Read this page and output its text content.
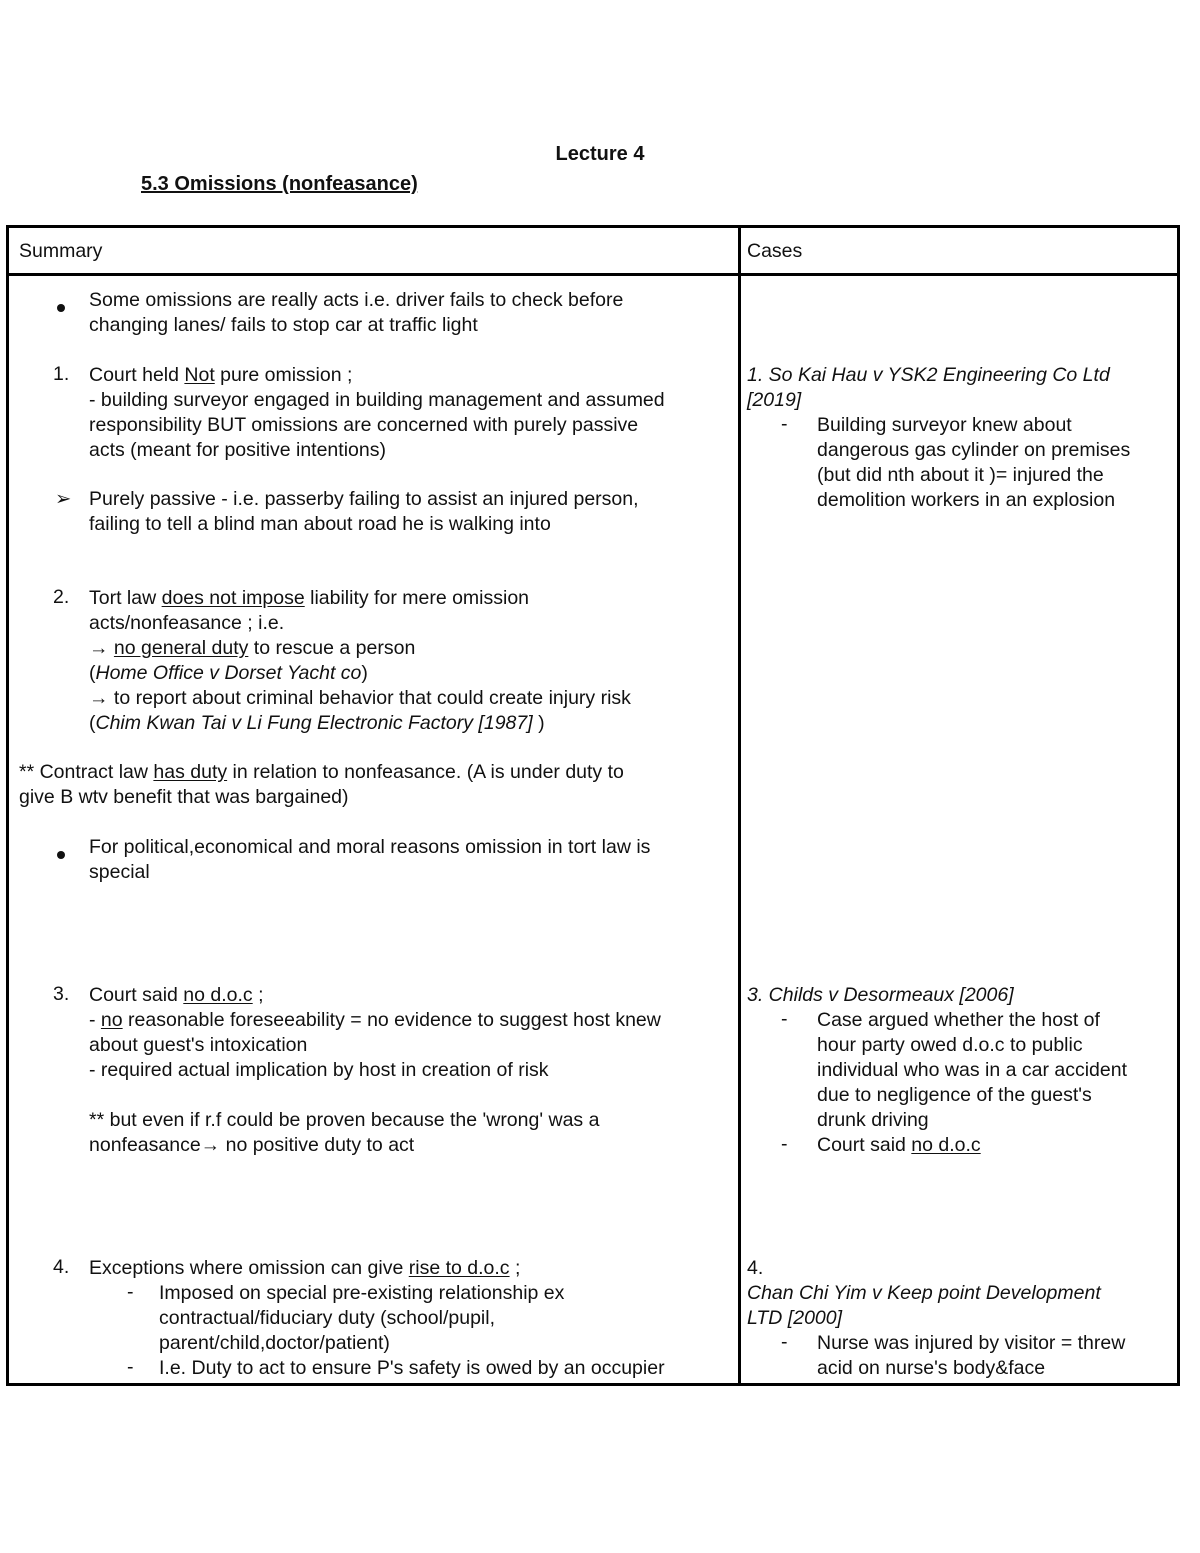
Lecture 4
5.3 Omissions (nonfeasance)
Summary	Cases
Some omissions are really acts i.e. driver fails to check before
changing lanes/ fails to stop car at traffic light
1. Court held Not pure omission ;
- building surveyor engaged in building management and assumed
responsibility BUT omissions are concerned with purely passive
acts (meant for positive intentions)
➢ Purely passive - i.e. passerby failing to assist an injured person,
failing to tell a blind man about road he is walking into
2. Tort law does not impose liability for mere omission
acts/nonfeasance ; i.e.
→ no general duty to rescue a person
(Home Office v Dorset Yacht co)
→ to report about criminal behavior that could create injury risk
(Chim Kwan Tai v Li Fung Electronic Factory [1987] )
** Contract law has duty in relation to nonfeasance. (A is under duty to
give B wtv benefit that was bargained)
For political,economical and moral reasons omission in tort law is
special
3. Court said no d.o.c ;
- no reasonable foreseeability = no evidence to suggest host knew
about guest's intoxication
- required actual implication by host in creation of risk
** but even if r.f could be proven because the 'wrong' was a
nonfeasance→ no positive duty to act
4. Exceptions where omission can give rise to d.o.c ;
- Imposed on special pre-existing relationship ex
contractual/fiduciary duty (school/pupil,
parent/child,doctor/patient)
- I.e. Duty to act to ensure P's safety is owed by an occupier
1. So Kai Hau v YSK2 Engineering Co Ltd
[2019]
- Building surveyor knew about
dangerous gas cylinder on premises
(but did nth about it )= injured the
demolition workers in an explosion
3. Childs v Desormeaux [2006]
- Case argued whether the host of
hour party owed d.o.c to public
individual who was in a car accident
due to negligence of the guest's
drunk driving
- Court said no d.o.c
4.
Chan Chi Yim v Keep point Development
LTD [2000]
- Nurse was injured by visitor = threw
acid on nurse's body&face
